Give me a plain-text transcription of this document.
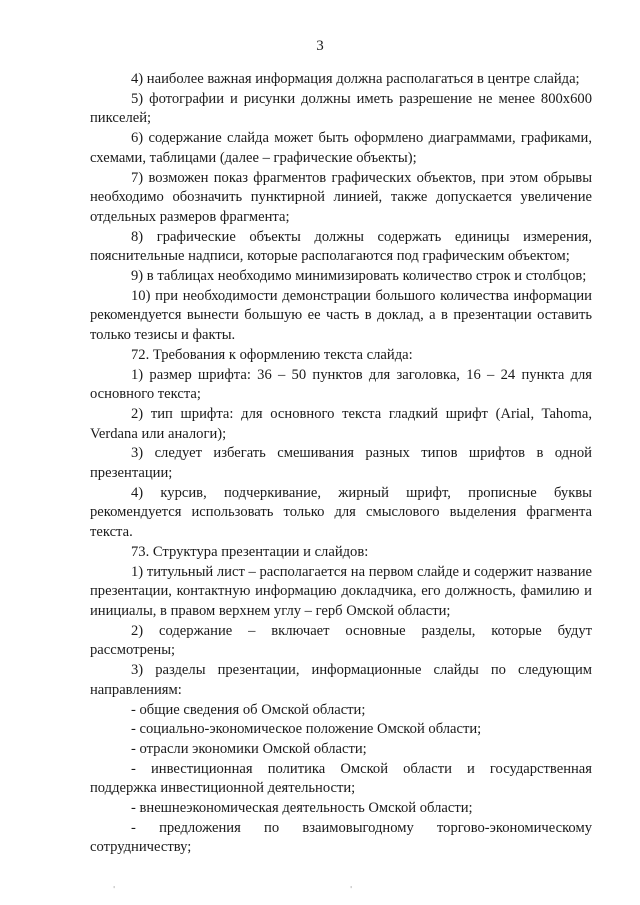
3

4) наиболее важная информация должна располагаться в центре слайда;

5) фотографии и рисунки должны иметь разрешение не менее 800х600 пикселей;

6) содержание слайда может быть оформлено диаграммами, графиками, схемами, таблицами (далее – графические объекты);

7) возможен показ фрагментов графических объектов, при этом обрывы необходимо обозначить пунктирной линией, также допускается увеличение отдельных размеров фрагмента;

8) графические объекты должны содержать единицы измерения, пояснительные надписи, которые располагаются под графическим объектом;

9) в таблицах необходимо минимизировать количество строк и столбцов;

10) при необходимости демонстрации большого количества информации рекомендуется вынести большую ее часть в доклад, а в презентации оставить только тезисы и факты.

72. Требования к оформлению текста слайда:

1) размер шрифта: 36 – 50 пунктов для заголовка, 16 – 24 пункта для основного текста;

2) тип шрифта: для основного текста гладкий шрифт (Arial, Tahoma, Verdana или аналоги);

3) следует избегать смешивания разных типов шрифтов в одной презентации;

4) курсив, подчеркивание, жирный шрифт, прописные буквы рекомендуется использовать только для смыслового выделения фрагмента текста.

73. Структура презентации и слайдов:

1) титульный лист – располагается на первом слайде и содержит название презентации, контактную информацию докладчика, его должность, фамилию и инициалы, в правом верхнем углу – герб Омской области;

2) содержание – включает основные разделы, которые будут рассмотрены;

3) разделы презентации, информационные слайды по следующим направлениям:

- общие сведения об Омской области;

- социально-экономическое положение Омской области;

- отрасли экономики Омской области;

- инвестиционная политика Омской области и государственная поддержка инвестиционной деятельности;

- внешнеэкономическая деятельность Омской области;

- предложения по взаимовыгодному торгово-экономическому сотрудничеству;

'	'
